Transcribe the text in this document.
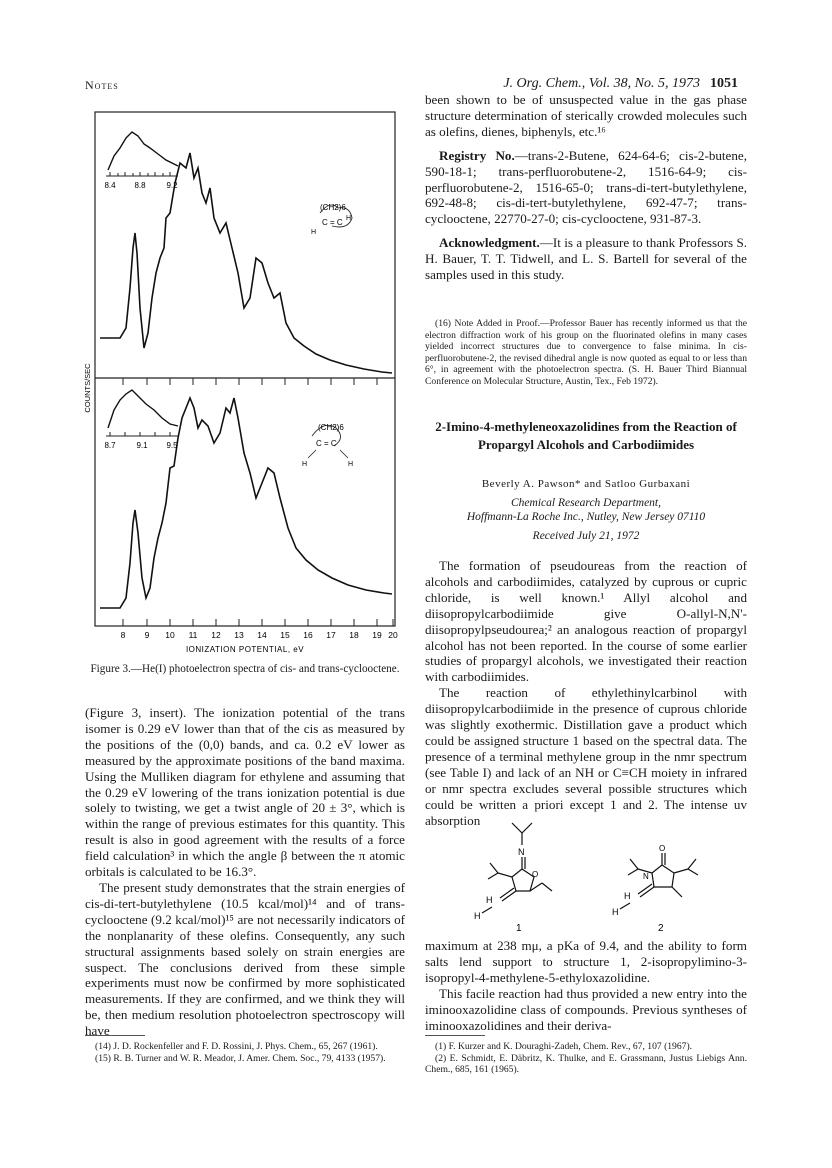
Notes	J. Org. Chem., Vol. 38, No. 5, 1973 1051
COUNTS/SEC
8.4 8.8	9.2
(CH2)6
C = C
H
H
8.7	9.1 9.5
(CH2)6
C = C
H	H
8 9 10 11 12 13 14 15 16 17 18 19 20
IONIZATION POTENTIAL, eV
Figure 3.—He(I) photoelectron spectra of cis- and trans-cyclooctene.

(Figure 3, insert). The ionization potential of the trans isomer is 0.29 eV lower than that of the cis as measured by the positions of the (0,0) bands, and ca. 0.2 eV lower as measured by the approximate positions of the band maxima. Using the Mulliken diagram for ethylene and assuming that the 0.29 eV lowering of the trans ionization potential is due solely to twisting, we get a twist angle of 20 ± 3°, which is within the range of previous estimates for this quantity. This result is also in good agreement with the results of a force field calculation³ in which the angle β between the π atomic orbitals is calculated to be 16.3°.

The present study demonstrates that the strain energies of cis-di-tert-butylethylene (10.5 kcal/mol)¹⁴ and of trans-cyclooctene (9.2 kcal/mol)¹⁵ are not necessarily indicators of the nonplanarity of these olefins. Consequently, any such structural assignments based solely on strain energies are suspect. The conclusions derived from these simple experiments must now be confirmed by more sophisticated measurements. If they are confirmed, and we think they will be, then medium resolution photoelectron spectroscopy will have

(14) J. D. Rockenfeller and F. D. Rossini, J. Phys. Chem., 65, 267 (1961).

(15) R. B. Turner and W. R. Meador, J. Amer. Chem. Soc., 79, 4133 (1957).

been shown to be of unsuspected value in the gas phase structure determination of sterically crowded molecules such as olefins, dienes, biphenyls, etc.¹⁶

Registry No.—trans-2-Butene, 624-64-6; cis-2-butene, 590-18-1; trans-perfluorobutene-2, 1516-64-9; cis-perfluorobutene-2, 1516-65-0; trans-di-tert-butylethylene, 692-48-8; cis-di-tert-butylethylene, 692-47-7; trans-cyclooctene, 22770-27-0; cis-cyclooctene, 931-87-3.

Acknowledgment.—It is a pleasure to thank Professors S. H. Bauer, T. T. Tidwell, and L. S. Bartell for several of the samples used in this study.

(16) Note Added in Proof.—Professor Bauer has recently informed us that the electron diffraction work of his group on the fluorinated olefins in many cases yielded incorrect structures due to convergence to false minima. In cis-perfluorobutene-2, the revised dihedral angle is now quoted as equal to or less than 6°, in agreement with the photoelectron spectra. (S. H. Bauer Third Biannual Conference on Molecular Structure, Austin, Tex., Feb 1972).

2-Imino-4-methyleneoxazolidines from the Reaction of Propargyl Alcohols and Carbodiimides
Beverly A. Pawson* and Satloo Gurbaxani
Chemical Research Department,
Hoffmann-La Roche Inc., Nutley, New Jersey 07110
Received July 21, 1972

The formation of pseudoureas from the reaction of alcohols and carbodiimides, catalyzed by cuprous or cupric chloride, is well known.¹ Allyl alcohol and diisopropylcarbodiimide give O-allyl-N,N'-diisopropylpseudourea;² an analogous reaction of propargyl alcohol has not been reported. In the course of some earlier studies of propargyl alcohols, we investigated their reaction with carbodiimides.

The reaction of ethylethinylcarbinol with diisopropylcarbodiimide in the presence of cuprous chloride was slightly exothermic. Distillation gave a product which could be assigned structure 1 based on the spectral data. The presence of a terminal methylene group in the nmr spectrum (see Table I) and lack of an NH or C≡CH moiety in infrared or nmr spectra excludes several possible structures which could be written a priori except 1 and 2. The intense uv absorption

N
O
H
H
1
O
N
H
H
2

maximum at 238 mμ, a pKa of 9.4, and the ability to form salts lend support to structure 1, 2-isopropylimino-3-isopropyl-4-methylene-5-ethyloxazolidine.

This facile reaction had thus provided a new entry into the iminooxazolidine class of compounds. Previous syntheses of iminooxazolidines and their deriva-

(1) F. Kurzer and K. Douraghi-Zadeh, Chem. Rev., 67, 107 (1967).

(2) E. Schmidt, E. Däbritz, K. Thulke, and E. Grassmann, Justus Liebigs Ann. Chem., 685, 161 (1965).
